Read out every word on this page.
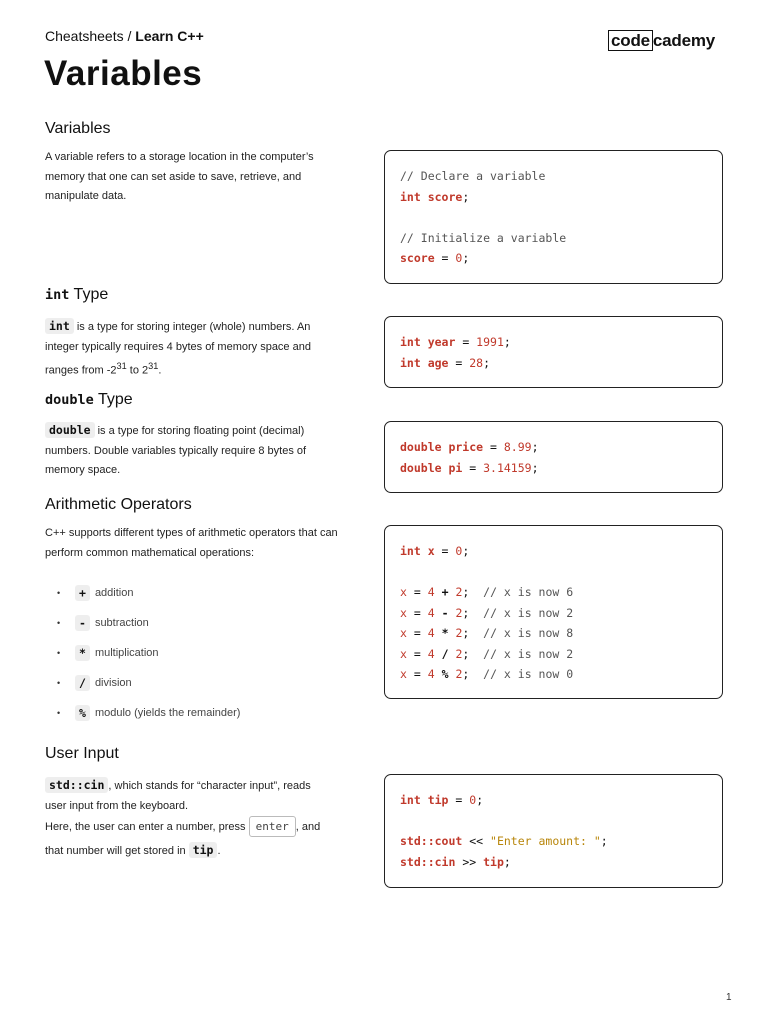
Cheatsheets / Learn C++	code cademy
Variables
Variables
A variable refers to a storage location in the computer’s memory that one can set aside to save, retrieve, and manipulate data.
// Declare a variable
int score;

// Initialize a variable
score = 0;
int Type
int is a type for storing integer (whole) numbers. An integer typically requires 4 bytes of memory space and ranges from $-2^{31}$ to $2^{31}$.
int year = 1991;
int age = 28;
double Type
double is a type for storing floating point (decimal) numbers. Double variables typically require 8 bytes of memory space.
double price = 8.99;
double pi = 3.14159;
Arithmetic Operators
C++ supports different types of arithmetic operators that can perform common mathematical operations:
•	+ addition
•	- subtraction
•	* multiplication
•	/ division
•	% modulo (yields the remainder)
int x = 0;

x = 4 + 2;  // x is now 6
x = 4 - 2;  // x is now 2
x = 4 * 2;  // x is now 8
x = 4 / 2;  // x is now 2
x = 4 % 2;  // x is now 0
User Input
std::cin , which stands for “character input”, reads user input from the keyboard.
Here, the user can enter a number, press enter , and that number will get stored in tip .
int tip = 0;

std::cout << "Enter amount: ";
std::cin >> tip;
1
